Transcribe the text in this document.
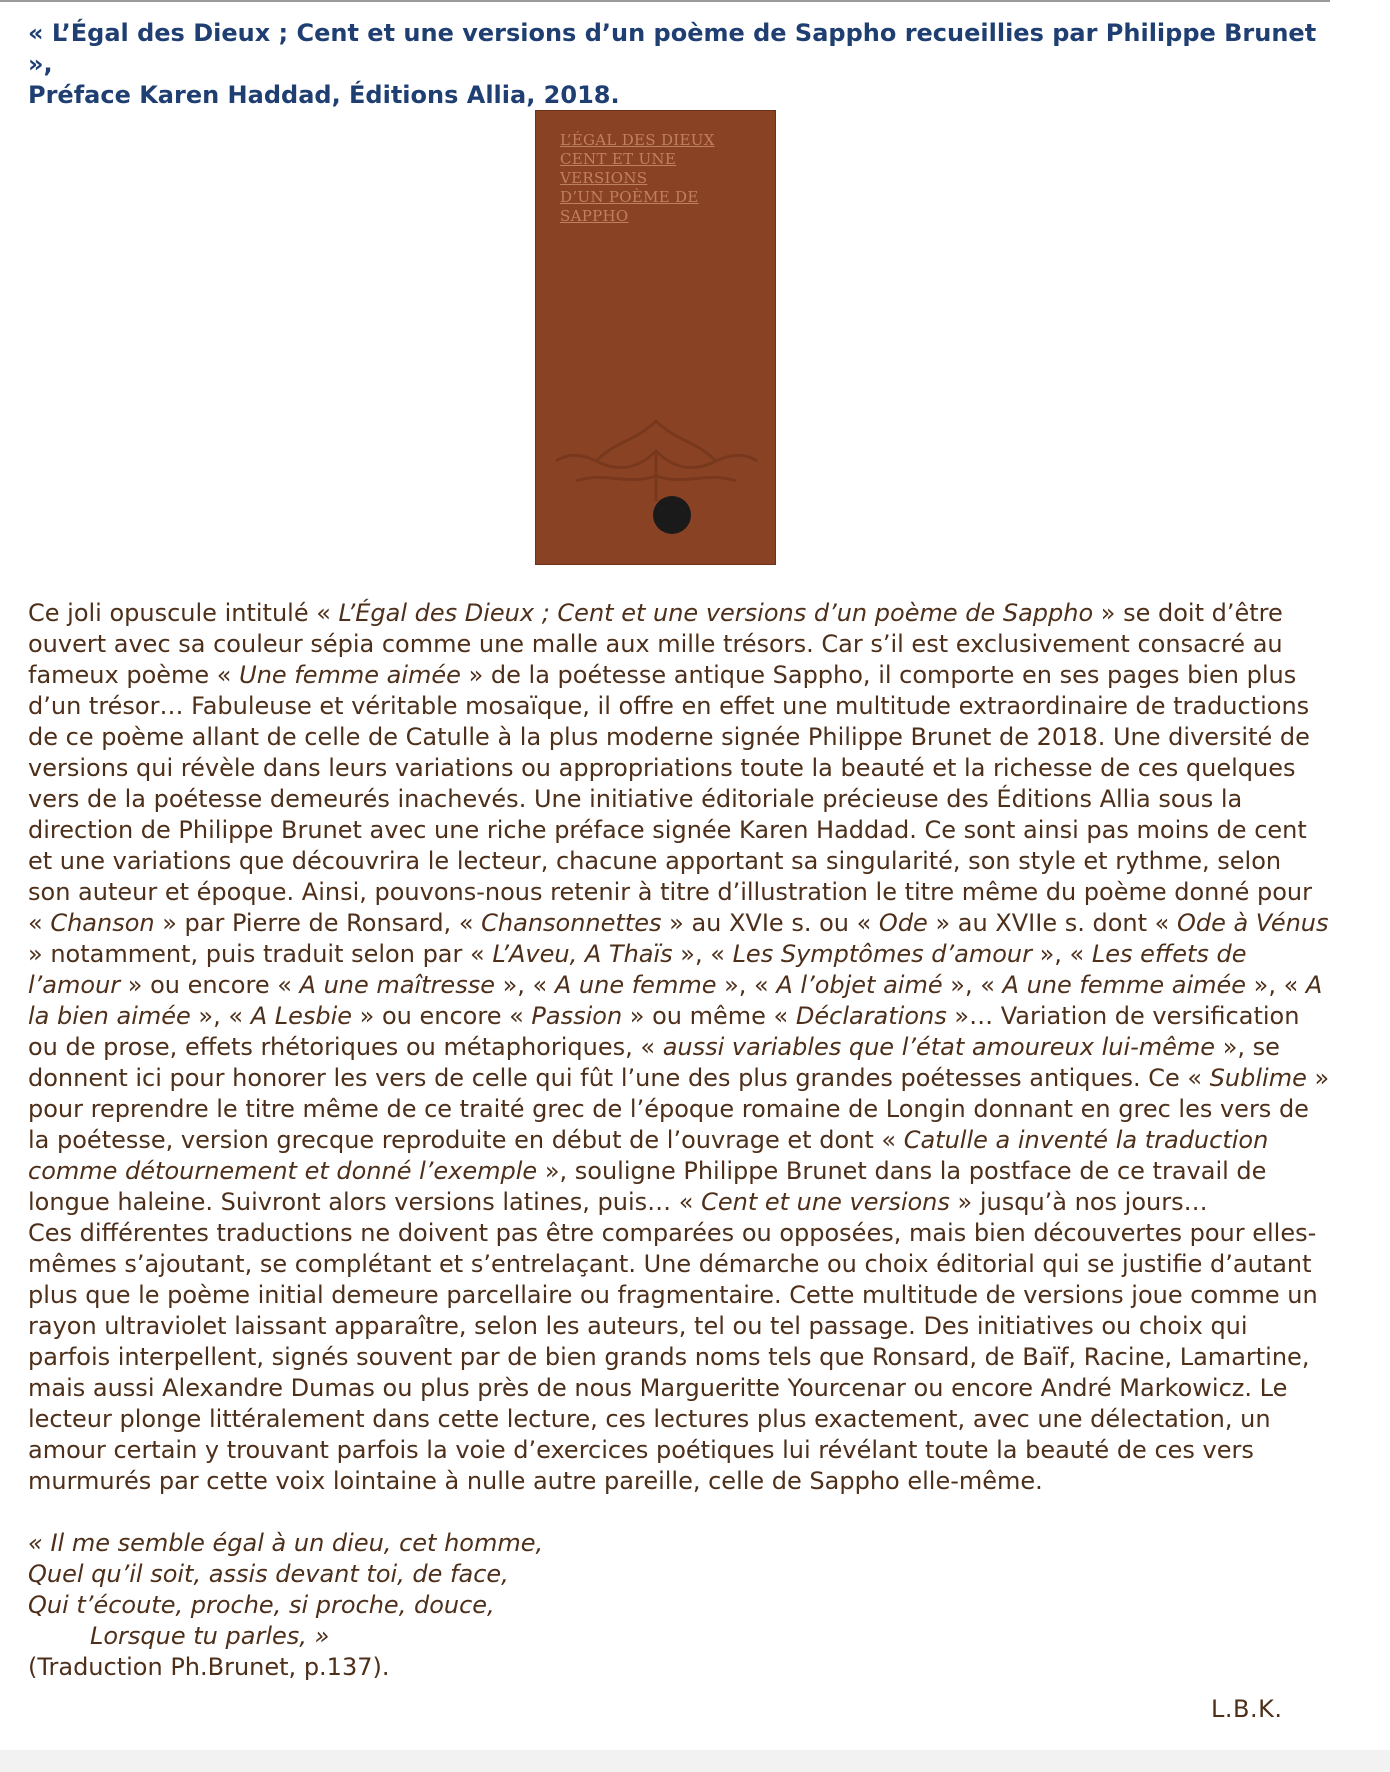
« L’Égal des Dieux ; Cent et une versions d’un poème de Sappho recueillies par Philippe Brunet »,
Préface Karen Haddad, Éditions Allia, 2018.
L’ÉGAL DES DIEUX
CENT ET UNE VERSIONS
D’UN POÈME DE SAPPHO

Ce joli opuscule intitulé « L’Égal des Dieux ; Cent et une versions d’un poème de Sappho » se doit d’être ouvert avec sa couleur sépia comme une malle aux mille trésors. Car s’il est exclusivement consacré au fameux poème « Une femme aimée » de la poétesse antique Sappho, il comporte en ses pages bien plus d’un trésor… Fabuleuse et véritable mosaïque, il offre en effet une multitude extraordinaire de traductions de ce poème allant de celle de Catulle à la plus moderne signée Philippe Brunet de 2018. Une diversité de versions qui révèle dans leurs variations ou appropriations toute la beauté et la richesse de ces quelques vers de la poétesse demeurés inachevés. Une initiative éditoriale précieuse des Éditions Allia sous la direction de Philippe Brunet avec une riche préface signée Karen Haddad. Ce sont ainsi pas moins de cent et une variations que découvrira le lecteur, chacune apportant sa singularité, son style et rythme, selon son auteur et époque. Ainsi, pouvons-nous retenir à titre d’illustration le titre même du poème donné pour « Chanson » par Pierre de Ronsard, « Chansonnettes » au XVIe s. ou « Ode » au XVIIe s. dont « Ode à Vénus » notamment, puis traduit selon par « L’Aveu, A Thaïs », « Les Symptômes d’amour », « Les effets de l’amour » ou encore « A une maîtresse », « A une femme », « A l’objet aimé », « A une femme aimée », « A la bien aimée », « A Lesbie » ou encore « Passion » ou même « Déclarations »… Variation de versification ou de prose, effets rhétoriques ou métaphoriques, « aussi variables que l’état amoureux lui-même », se donnent ici pour honorer les vers de celle qui fût l’une des plus grandes poétesses antiques. Ce « Sublime » pour reprendre le titre même de ce traité grec de l’époque romaine de Longin donnant en grec les vers de la poétesse, version grecque reproduite en début de l’ouvrage et dont « Catulle a inventé la traduction comme détournement et donné l’exemple », souligne Philippe Brunet dans la postface de ce travail de longue haleine. Suivront alors versions latines, puis… « Cent et une versions » jusqu’à nos jours…

Ces différentes traductions ne doivent pas être comparées ou opposées, mais bien découvertes pour elles-mêmes s’ajoutant, se complétant et s’entrelaçant. Une démarche ou choix éditorial qui se justifie d’autant plus que le poème initial demeure parcellaire ou fragmentaire. Cette multitude de versions joue comme un rayon ultraviolet laissant apparaître, selon les auteurs, tel ou tel passage. Des initiatives ou choix qui parfois interpellent, signés souvent par de bien grands noms tels que Ronsard, de Baïf, Racine, Lamartine, mais aussi Alexandre Dumas ou plus près de nous Margueritte Yourcenar ou encore André Markowicz. Le lecteur plonge littéralement dans cette lecture, ces lectures plus exactement, avec une délectation, un amour certain y trouvant parfois la voie d’exercices poétiques lui révélant toute la beauté de ces vers murmurés par cette voix lointaine à nulle autre pareille, celle de Sappho elle-même.

« Il me semble égal à un dieu, cet homme,
Quel qu’il soit, assis devant toi, de face,
Qui t’écoute, proche, si proche, douce,
Lorsque tu parles, »
(Traduction Ph.Brunet, p.137).
L.B.K.
